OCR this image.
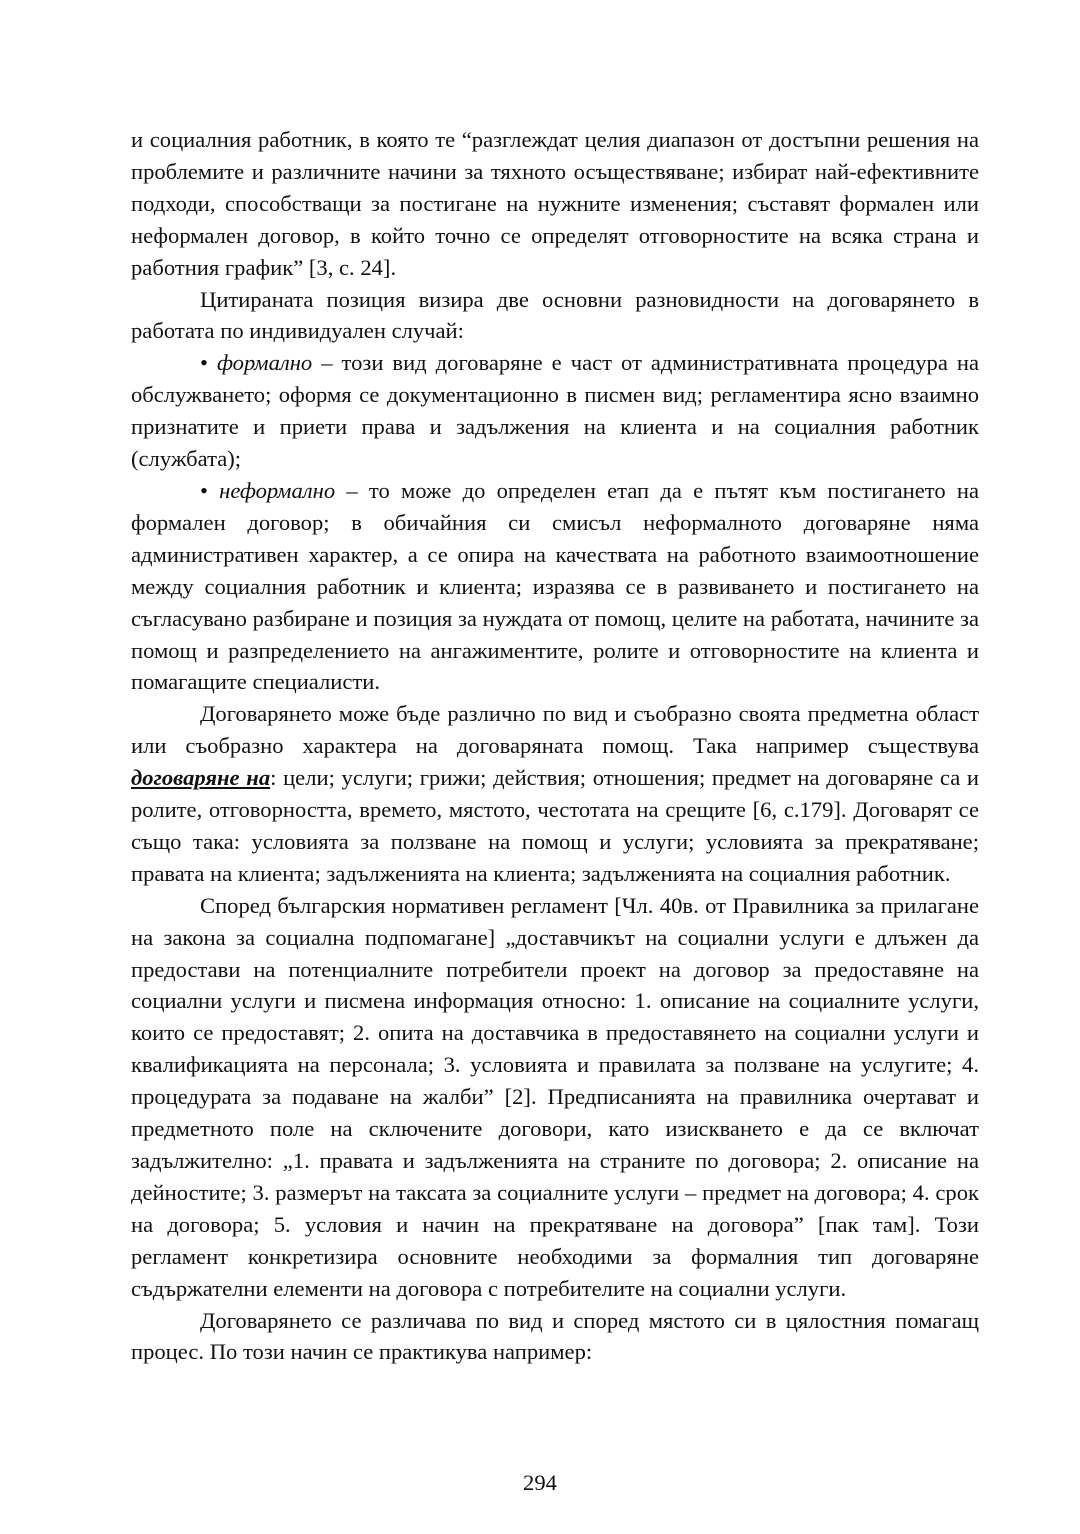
и социалния работник, в която те “разглеждат целия диапазон от достъпни решения на проблемите и различните начини за тяхното осъществяване; избират най-ефективните подходи, способстващи за постигане на нужните изменения; съставят формален или неформален договор, в който точно се определят отговорностите на всяка страна и работния график” [3, с. 24].

Цитираната позиция визира две основни разновидности на договарянето в работата по индивидуален случай:

• формално – този вид договаряне е част от административната процедура на обслужването; оформя се документационно в писмен вид; регламентира ясно взаимно признатите и приети права и задължения на клиента и на социалния работник (службата);

• неформално – то може до определен етап да е пътят към постигането на формален договор; в обичайния си смисъл неформалното договаряне няма административен характер, а се опира на качествата на работното взаимоотношение между социалния работник и клиента; изразява се в развиването и постигането на съгласувано разбиране и позиция за нуждата от помощ, целите на работата, начините за помощ и разпределението на ангажиментите, ролите и отговорностите на клиента и помагащите специалисти.

Договарянето може бъде различно по вид и съобразно своята предметна област или съобразно характера на договаряната помощ. Така например съществува договаряне на: цели; услуги; грижи; действия; отношения; предмет на договаряне са и ролите, отговорността, времето, мястото, честотата на срещите [6, с.179]. Договарят се също така: условията за ползване на помощ и услуги; условията за прекратяване; правата на клиента; задълженията на клиента; задълженията на социалния работник.

Според българския нормативен регламент [Чл. 40в. от Правилника за прилагане на закона за социална подпомагане] „доставчикът на социални услуги е длъжен да предостави на потенциалните потребители проект на договор за предоставяне на социални услуги и писмена информация относно: 1. описание на социалните услуги, които се предоставят; 2. опита на доставчика в предоставянето на социални услуги и квалификацията на персонала; 3. условията и правилата за ползване на услугите; 4. процедурата за подаване на жалби” [2]. Предписанията на правилника очертават и предметното поле на сключените договори, като изискването е да се включат задължително: „1. правата и задълженията на страните по договора; 2. описание на дейностите; 3. размерът на таксата за социалните услуги – предмет на договора; 4. срок на договора; 5. условия и начин на прекратяване на договора” [пак там]. Този регламент конкретизира основните необходими за формалния тип договаряне съдържателни елементи на договора с потребителите на социални услуги.

Договарянето се различава по вид и според мястото си в цялостния помагащ процес. По този начин се практикува например:

294
